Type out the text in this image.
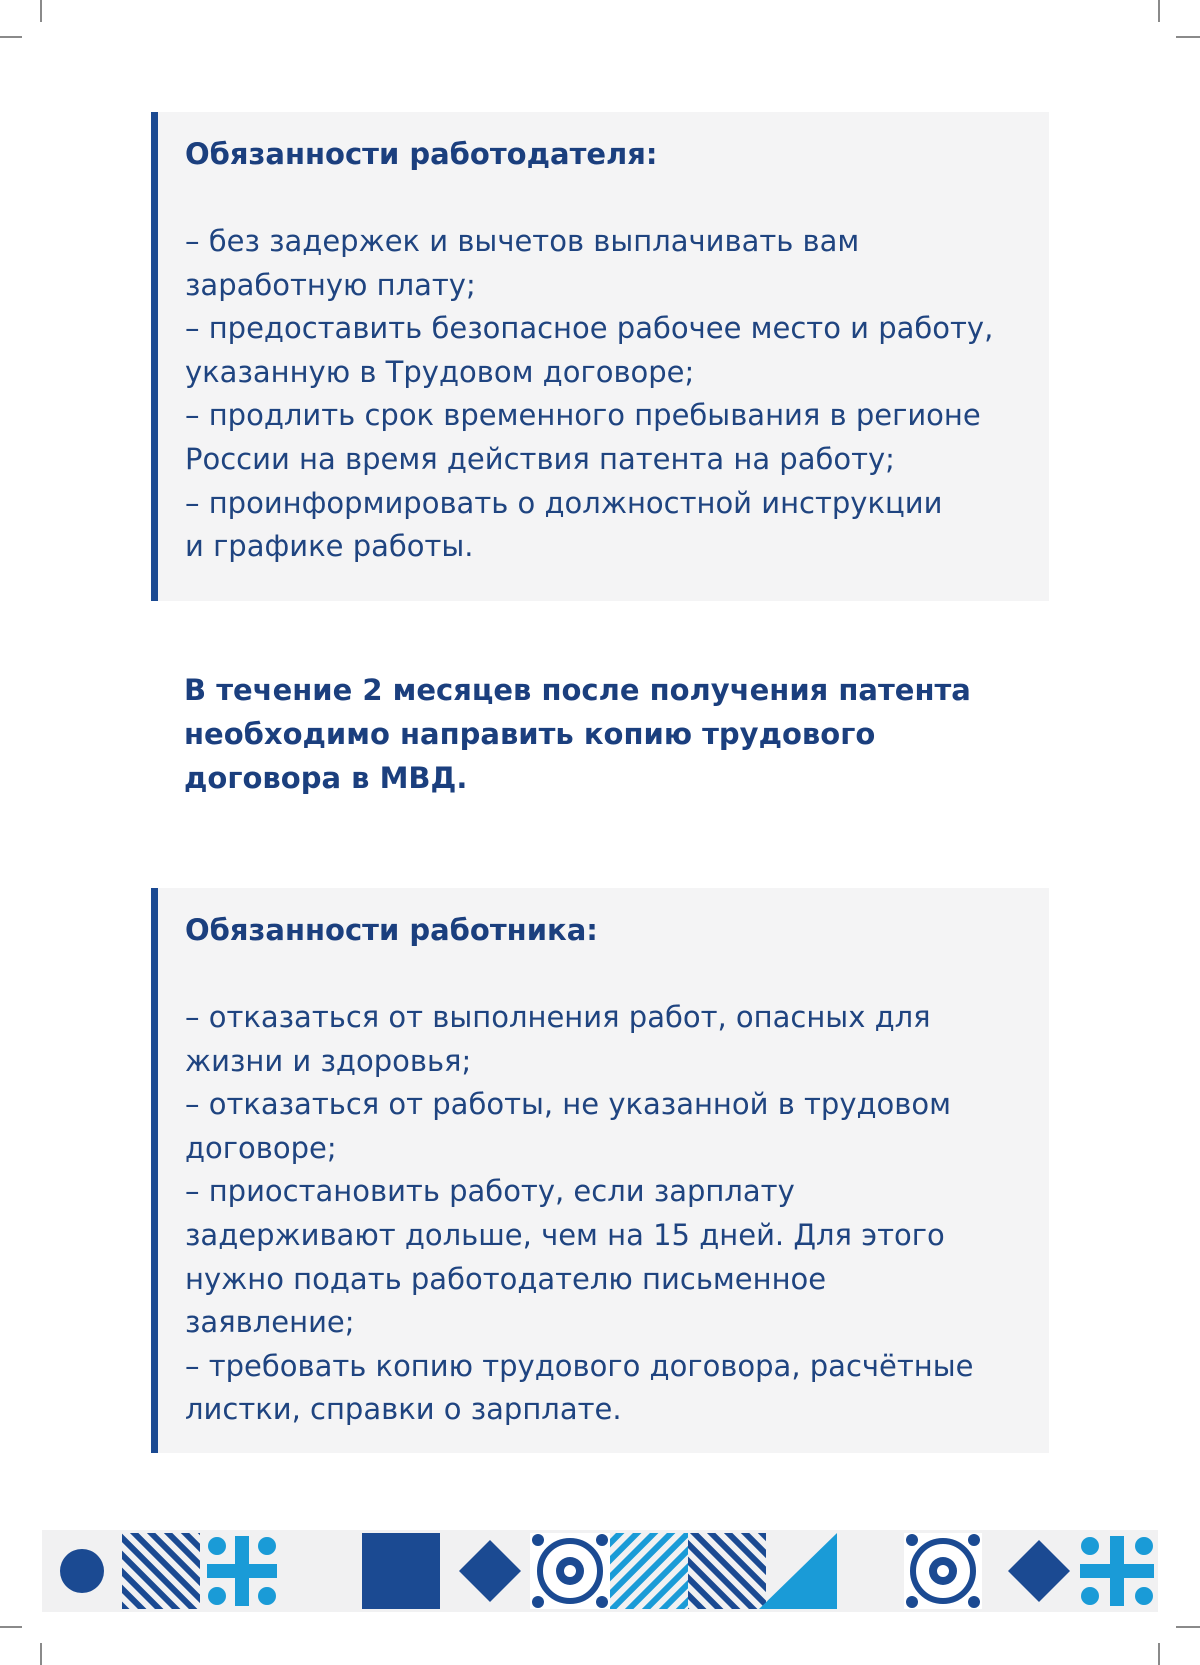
Обязанности работодателя:

– без задержек и вычетов выплачивать вам
заработную плату;
– предоставить безопасное рабочее место и работу,
указанную в Трудовом договоре;
– продлить срок временного пребывания в регионе
России на время действия патента на работу;
– проинформировать о должностной инструкции
и графике работы.

В течение 2 месяцев после получения патента
необходимо направить копию трудового
договора в МВД.

Обязанности работника:

– отказаться от выполнения работ, опасных для
жизни и здоровья;
– отказаться от работы, не указанной в трудовом
договоре;
– приостановить работу, если зарплату
задерживают дольше, чем на 15 дней. Для этого
нужно подать работодателю письменное
заявление;
– требовать копию трудового договора, расчётные
листки, справки о зарплате.
